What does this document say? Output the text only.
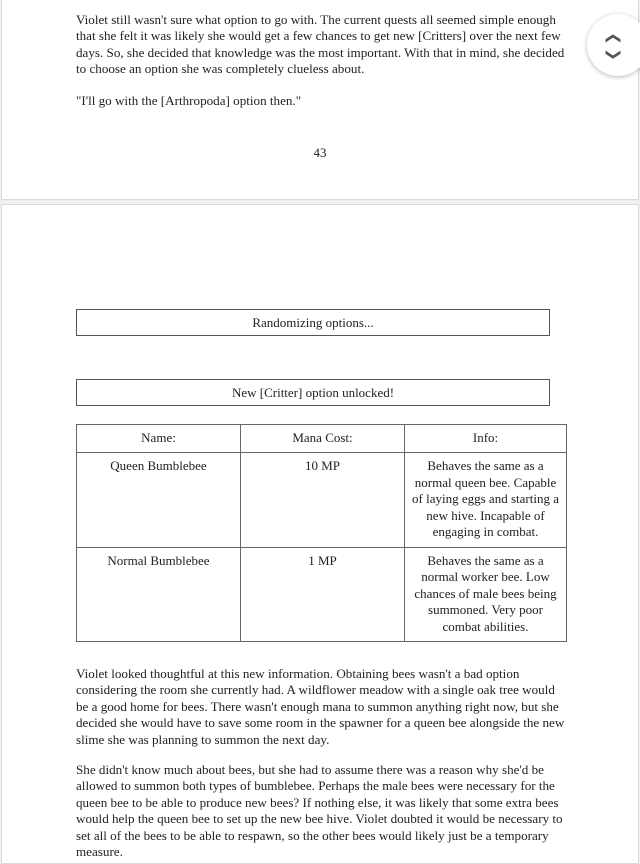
Violet still wasn't sure what option to go with. The current quests all seemed simple enough that she felt it was likely she would get a few chances to get new [Critters] over the next few days. So, she decided that knowledge was the most important. With that in mind, she decided to choose an option she was completely clueless about.

"I'll go with the [Arthropoda] option then."

43
Randomizing options...
New [Critter] option unlocked!
Name:	Mana Cost:	Info:
Queen Bumblebee	10 MP	Behaves the same as a normal queen bee. Capable of laying eggs and starting a new hive. Incapable of engaging in combat.
Normal Bumblebee	1 MP	Behaves the same as a normal worker bee. Low chances of male bees being summoned. Very poor combat abilities.

Violet looked thoughtful at this new information. Obtaining bees wasn't a bad option considering the room she currently had. A wildflower meadow with a single oak tree would be a good home for bees. There wasn't enough mana to summon anything right now, but she decided she would have to save some room in the spawner for a queen bee alongside the new slime she was planning to summon the next day.

She didn't know much about bees, but she had to assume there was a reason why she'd be allowed to summon both types of bumblebee. Perhaps the male bees were necessary for the queen bee to be able to produce new bees? If nothing else, it was likely that some extra bees would help the queen bee to set up the new bee hive. Violet doubted it would be necessary to set all of the bees to be able to respawn, so the other bees would likely just be a temporary measure.

❮
❯
